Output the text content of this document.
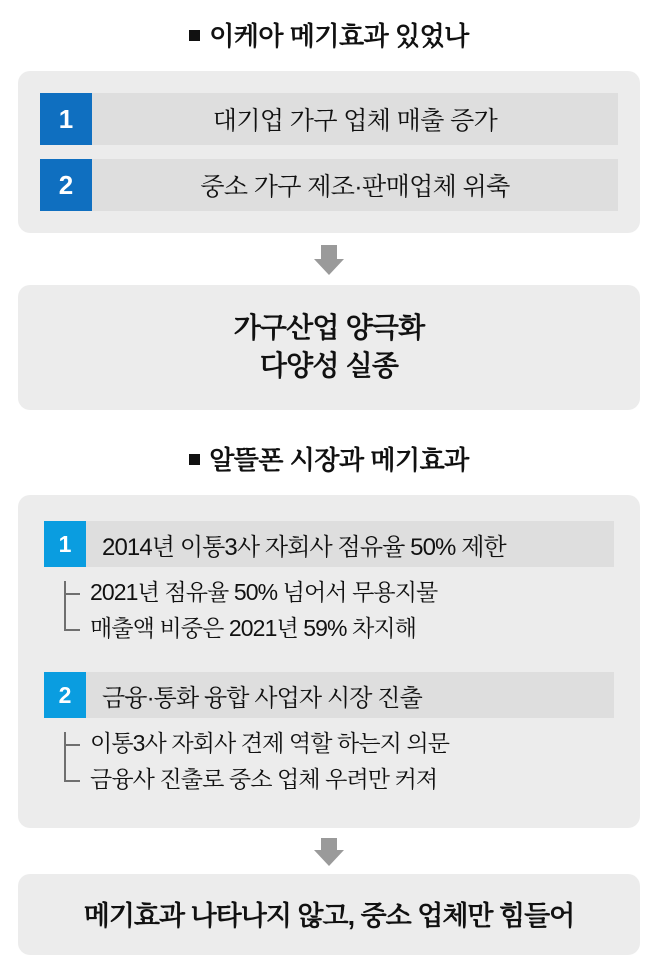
이케아 메기효과 있었나
1	대기업 가구 업체 매출 증가
2	중소 가구 제조·판매업체 위축
가구산업 양극화
다양성 실종
알뜰폰 시장과 메기효과
1	2014년 이통3사 자회사 점유율 50% 제한
2021년 점유율 50% 넘어서 무용지물
매출액 비중은 2021년 59% 차지해
2	금융·통화 융합 사업자 시장 진출
이통3사 자회사 견제 역할 하는지 의문
금융사 진출로 중소 업체 우려만 커져
메기효과 나타나지 않고, 중소 업체만 힘들어
